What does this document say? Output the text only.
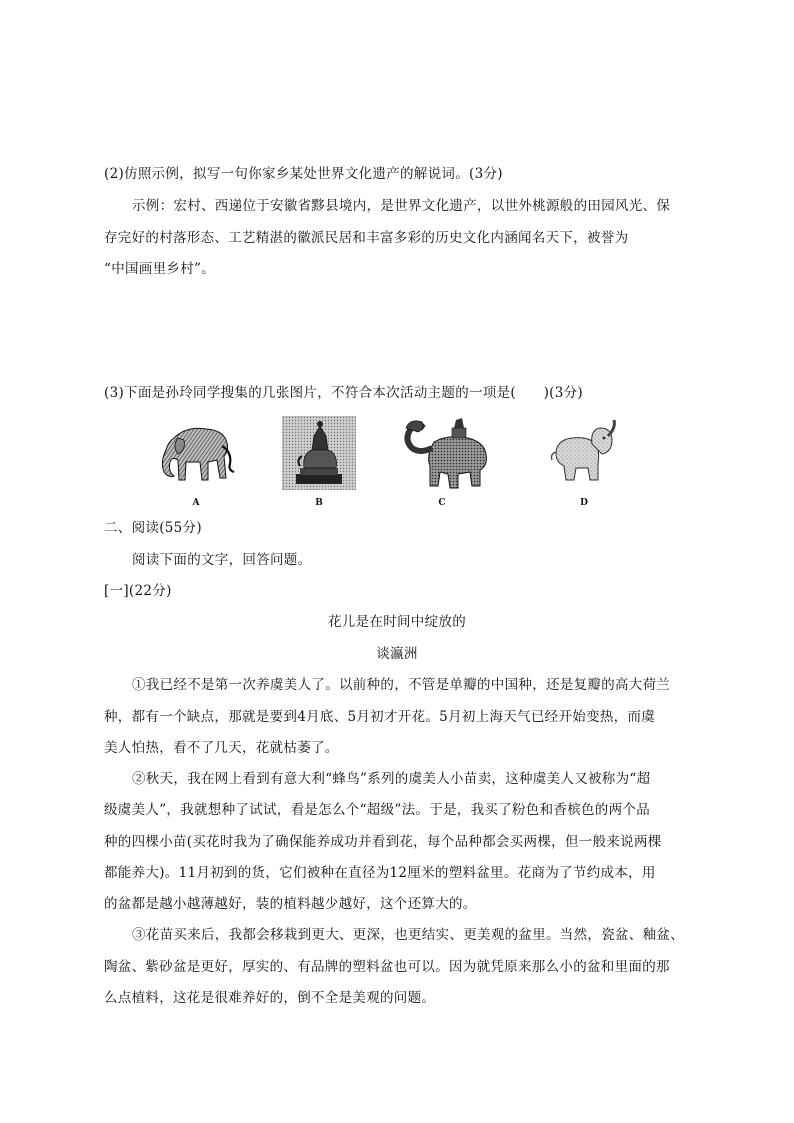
(2)仿照示例，拟写一句你家乡某处世界文化遗产的解说词。(3分)
示例：宏村、西递位于安徽省黟县境内，是世界文化遗产，以世外桃源般的田园风光、保
存完好的村落形态、工艺精湛的徽派民居和丰富多彩的历史文化内涵闻名天下，被誉为
“中国画里乡村”。
(3)下面是孙玲同学搜集的几张图片，不符合本次活动主题的一项是(　　)(3分)
A	B	C	D
二、阅读(55分)
阅读下面的文字，回答问题。
[一](22分)
花儿是在时间中绽放的
谈瀛洲
①我已经不是第一次养虞美人了。以前种的，不管是单瓣的中国种，还是复瓣的高大荷兰
种，都有一个缺点，那就是要到4月底、5月初才开花。5月初上海天气已经开始变热，而虞
美人怕热，看不了几天，花就枯萎了。
②秋天，我在网上看到有意大利“蜂鸟”系列的虞美人小苗卖，这种虞美人又被称为“超
级虞美人”，我就想种了试试，看是怎么个“超级”法。于是，我买了粉色和香槟色的两个品
种的四棵小苗(买花时我为了确保能养成功并看到花，每个品种都会买两棵，但一般来说两棵
都能养大)。11月初到的货，它们被种在直径为12厘米的塑料盆里。花商为了节约成本，用
的盆都是越小越薄越好，装的植料越少越好，这个还算大的。
③花苗买来后，我都会移栽到更大、更深，也更结实、更美观的盆里。当然，瓷盆、釉盆、
陶盆、紫砂盆是更好，厚实的、有品牌的塑料盆也可以。因为就凭原来那么小的盆和里面的那
么点植料，这花是很难养好的，倒不全是美观的问题。
